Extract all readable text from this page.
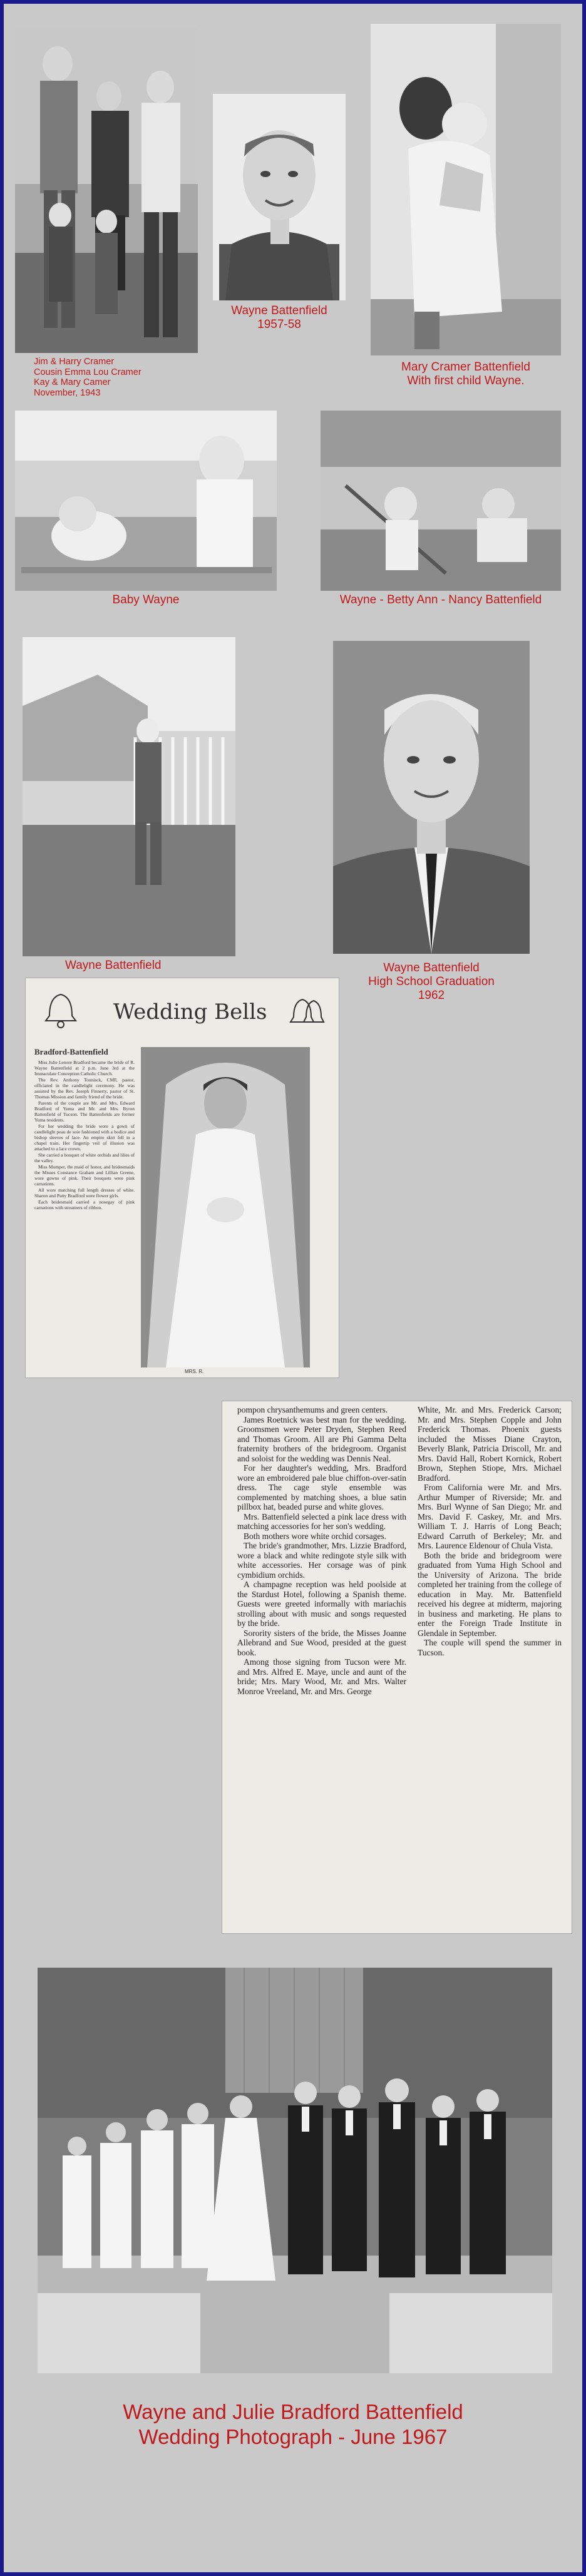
Jim & Harry Cramer
Cousin Emma Lou Cramer
Kay & Mary Camer
November, 1943
Wayne Battenfield
1957-58
Mary Cramer Battenfield
With first child Wayne.
Baby Wayne	Wayne - Betty Ann - Nancy Battenfield
Wayne Battenfield	Wayne Battenfield
High School Graduation
1962
Wedding Bells
Bradford-Battenfield

Miss Julie Lenore Bradford became the bride of R. Wayne Battenfield at 2 p.m. June 3rd at the Immaculate Conception Catholic Church.

The Rev. Anthony Tonnisck, CMF, pastor, officiated in the candlelight ceremony. He was assisted by the Rev. Joseph Finnerty, pastor of St. Thomas Mission and family friend of the bride.

Parents of the couple are Mr. and Mrs. Edward Bradford of Yuma and Mr. and Mrs. Byron Battenfield of Tucson. The Battenfields are former Yuma residents.

For her wedding the bride wore a gown of candlelight peau de soie fashioned with a bodice and bishop sleeves of lace. An empire skirt fell in a chapel train. Her fingertip veil of illusion was attached to a lace crown.

She carried a bouquet of white orchids and lilies of the valley.

Miss Mumper, the maid of honor, and bridesmaids the Misses Constance Graham and Lillian Greene, wore gowns of pink. Their bouquets were pink carnations.

All wore matching full length dresses of white. Sharon and Patty Bradford were flower girls.

Each bridesmaid carried a nosegay of pink carnations with streamers of ribbon.

MRS. R.

pompon chrysanthemums and green centers.

James Roetnick was best man for the wedding. Groomsmen were Peter Dryden, Stephen Reed and Thomas Groom. All are Phi Gamma Delta fraternity brothers of the bridegroom. Organist and soloist for the wedding was Dennis Neal.

For her daughter's wedding, Mrs. Bradford wore an embroidered pale blue chiffon-over-satin dress. The cage style ensemble was complemented by matching shoes, a blue satin pillbox hat, beaded purse and white gloves.

Mrs. Battenfield selected a pink lace dress with matching accessories for her son's wedding.

Both mothers wore white orchid corsages.

The bride's grandmother, Mrs. Lizzie Bradford, wore a black and white redingote style silk with white accessories. Her corsage was of pink cymbidium orchids.

A champagne reception was held poolside at the Stardust Hotel, following a Spanish theme. Guests were greeted informally with mariachis strolling about with music and songs requested by the bride.

Sorority sisters of the bride, the Misses Joanne Allebrand and Sue Wood, presided at the guest book.

Among those signing from Tucson were Mr. and Mrs. Alfred E. Maye, uncle and aunt of the bride; Mrs. Mary Wood, Mr. and Mrs. Walter Monroe Vreeland, Mr. and Mrs. George

White, Mr. and Mrs. Frederick Carson; Mr. and Mrs. Stephen Copple and John Frederick Thomas. Phoenix guests included the Misses Diane Crayton, Beverly Blank, Patricia Driscoll, Mr. and Mrs. David Hall, Robert Kornick, Robert Brown, Stephen Stiope, Mrs. Michael Bradford.

From California were Mr. and Mrs. Arthur Mumper of Riverside; Mr. and Mrs. Burl Wynne of San Diego; Mr. and Mrs. David F. Caskey, Mr. and Mrs. William T. J. Harris of Long Beach; Edward Carruth of Berkeley; Mr. and Mrs. Laurence Eldenour of Chula Vista.

Both the bride and bridegroom were graduated from Yuma High School and the University of Arizona. The bride completed her training from the college of education in May. Mr. Battenfield received his degree at midterm, majoring in business and marketing. He plans to enter the Foreign Trade Institute in Glendale in September.

The couple will spend the summer in Tucson.

Wayne and Julie Bradford Battenfield
Wedding Photograph - June 1967
